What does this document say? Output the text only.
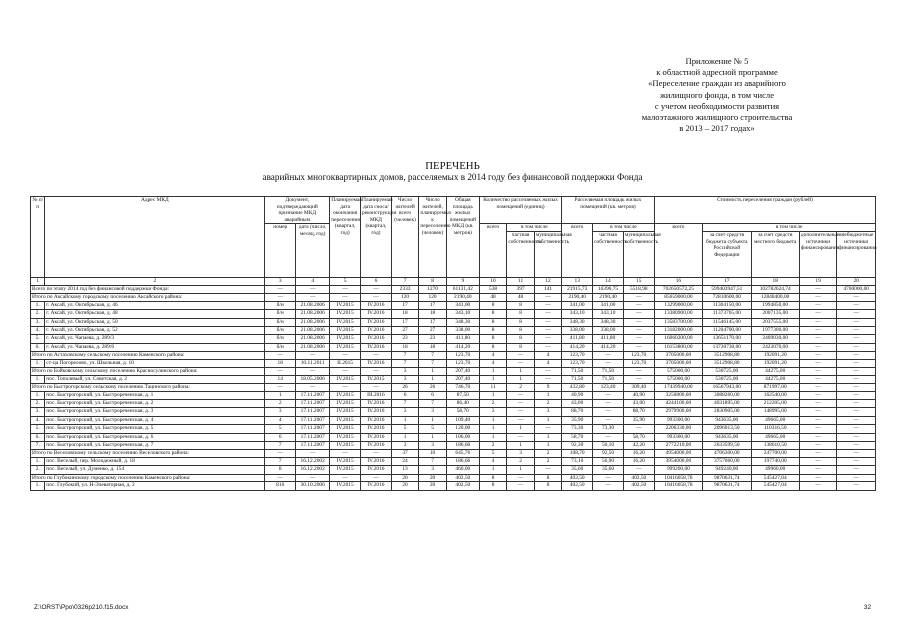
Приложение № 5
к областной адресной программе
«Переселение граждан из аварийного
жилищного фонда, в том числе
с учетом необходимости развития
малоэтажного жилищного строительства
в 2013 – 2017 годах»
ПЕРЕЧЕНЬ
аварийных многоквартирных домов, расселяемых в 2014 году без финансовой поддержки Фонда
№ п/п	Адрес МКД	Документ, подтверждающий признание МКД аварийным		Планируемая дата окончания переселения (квартал, год)	Планируемая дата сноса/ реконструкции МКД (квартал, год)	Число жителей всего (человек)	Число жителей, планируемых к переселению (человек)	Общая площадь жилых помещений МКД (кв. метров)	Количество расселяемых жилых помещений (единиц)			Расселяемая площадь жилых помещений (кв. метров)			Стоимость переселения граждан (рублей)				
		номер	дата (число, месяц, год)						всего	в том числе		всего	в том числе		всего	в том числе			
										частная собственность	муниципальная собственность		частная собственность	муниципальная собственность		за счет средств бюджета субъекта Российской Федерации	за счет средств местного бюджета	дополнительные источники финансирования	внебюджетные источники финансирования
1	2	3	4	5	6	7	8	9	10	11	12	13	14	15	16	17	18	19	20
Всего по этапу 2014 год без финансовой поддержки Фонда:		—	—	—	—	2333	1270	61131,42	538	397	141	21915,73	16396,75	5518,98	702650572,25	599403947,51	102782624,74	—	4700000,00
Итого по Аксайскому городскому поселению Аксайского района:		—	—	—	—	120	120	2190,40	48	48	—	2190,40	2190,40	—	85659000,00	72810600,00	12848400,00	—	—
1.	г. Аксай, ул. Октябрьская, д. 46	б/н	21.08.2006	IV.2015	IV.2016	17	17	341,00	8	8	—	341,00	341,00	—	13299000,00	11304150,00	1994850,00	—	—
2.	г. Аксай, ул. Октябрьская, д. 48	б/н	21.08.2006	IV.2015	IV.2016	18	18	343,10	8	8	—	343,10	343,10	—	13380900,00	11373765,00	2007135,00	—	—
3.	г. Аксай, ул. Октябрьская, д. 50	б/н	21.08.2006	IV.2015	IV.2016	17	17	348,30	8	8	—	348,30	348,30	—	13583700,00	11546145,00	2037555,00	—	—
4.	г. Аксай, ул. Октябрьская, д. 52	б/н	21.08.2006	IV.2015	IV.2016	27	27	338,00	8	8	—	338,00	338,00	—	13182000,00	11204700,00	1977300,00	—	—
5.	г. Аксай, ул. Чапаева, д. 289/3	б/н	21.08.2006	IV.2015	IV.2016	23	23	411,80	8	8	—	411,80	411,80	—	16060200,00	13651170,00	2409030,00	—	—
6.	г. Аксай, ул. Чапаева, д. 289/6	б/н	21.08.2006	IV.2015	IV.2016	18	18	414,20	8	8	—	414,20	414,20	—	16153800,00	13730730,00	2423070,00	—	—
Итого по Астаховскому сельскому поселению Каменского района:		—	—	—	—	7	7	123,70	4	—	4	123,70	—	123,70	3705000,00	3512908,80	192091,20	—	—
1.	ст-ца Погорелово, ул. Школьная, д. 10	18	10.11.2011	II.2015	IV.2016	7	7	123,70	4	—	4	123,70	—	123,70	3705000,00	3512908,80	192091,20	—	—
Итого по Бойковскому сельскому поселению Красносулинского района:		—	—	—	—	3	1	207,40	1	1	—	71,50	71,50	—	575000,00	530725,00	44275,00	—	—
1.	пос. Тополевый, ул. Советская, д. 2	14	18.05.2006	IV.2015	IV.2015	3	1	207,40	1	1	—	71,50	71,50	—	575000,00	530725,00	44275,00	—	—
Итого по Быстрогорскому сельскому поселению Тацинского района:		—	—	—	—	26	26	746,70	11	2	9	432,80	123,40	309,40	17439940,00	16567943,00	871997,00	—	—
1.	пос. Быстрогорский, ул. Быстрореченская, д. 1	1	17.11.2007	IV.2015	III.2016	6	6	87,50	1	—	1	40,90	—	40,90	3250800,00	3088260,00	162540,00	—	—
2.	пос. Быстрогорский, ул. Быстрореченская, д. 2	2	17.11.2007	IV.2015	IV.2016	7	7	86,40	2	—	2	43,00	—	43,00	4244100,00	4031895,00	212205,00	—	—
3.	пос. Быстрогорский, ул. Быстрореченская, д. 3	3	17.11.2007	IV.2015	IV.2016	3	3	58,70	3	—	3	88,70	—	88,70	2979900,00	2830905,00	148995,00	—	—
4.	пос. Быстрогорский, ул. Быстрореченская, д. 4	4	17.11.2007	IV.2015	IV.2016	1	1	109,40	1	—	1	35,90	—	35,90	993300,00	943635,00	49665,00	—	—
5.	пос. Быстрогорский, ул. Быстрореченская, д. 5	5	17.11.2007	IV.2015	IV.2016	5	5	120,00	1	1	—	73,30	73,30	—	2206330,00	2096013,50	110316,50	—	—
6.	пос. Быстрогорский, ул. Быстрореченская, д. 6	6	17.11.2007	IV.2015	IV.2016	1	1	106,00	1	—	1	58,70	—	58,70	993300,00	943635,00	49665,00	—	—
7.	пос. Быстрогорский, ул. Быстрореченская, д. 7	7	17.11.2007	IV.2015	IV.2016	3	3	186,60	2	1	1	92,30	50,10	42,20	2772210,00	2633599,50	138610,50	—	—
Итого по Веселовскому сельскому поселению Веселовского района:		—	—	—	—	37	10	645,76	5	3	2	108,70	92,50	16,20	4954000,00	4706300,00	247700,00	—	—
1.	пос. Веселый, пер. Молодежный, д. 18	7	16.12.2002	IV.2015	IV.2016	24	7	186,66	4	2	2	73,10	56,90	16,20	3954000,00	3757060,00	197740,00	—	—
2.	пос. Веселый, ул. Думенко, д. 154	8	16.12.2002	IV.2015	IV.2016	13	3	460,00	1	1	—	35,60	35,60	—	999200,00	949240,00	49960,00	—	—
Итого по Глубокинскому городскому поселению Каменского района:		—	—	—	—	20	20	402,50	8	—	8	402,50	—	402,50	10416058,78	9870631,74	545427,04	—	—
1.	пос. Глубокий, ул. Н-Элеваторная, д. 2	816	30.10.2006	IV.2015	IV.2016	20	20	402,50	8	—	8	402,50	—	402,50	10416058,78	9870631,74	545427,04	—	—
Z:\ORST\Ppo\0326p210.f15.docx	32
